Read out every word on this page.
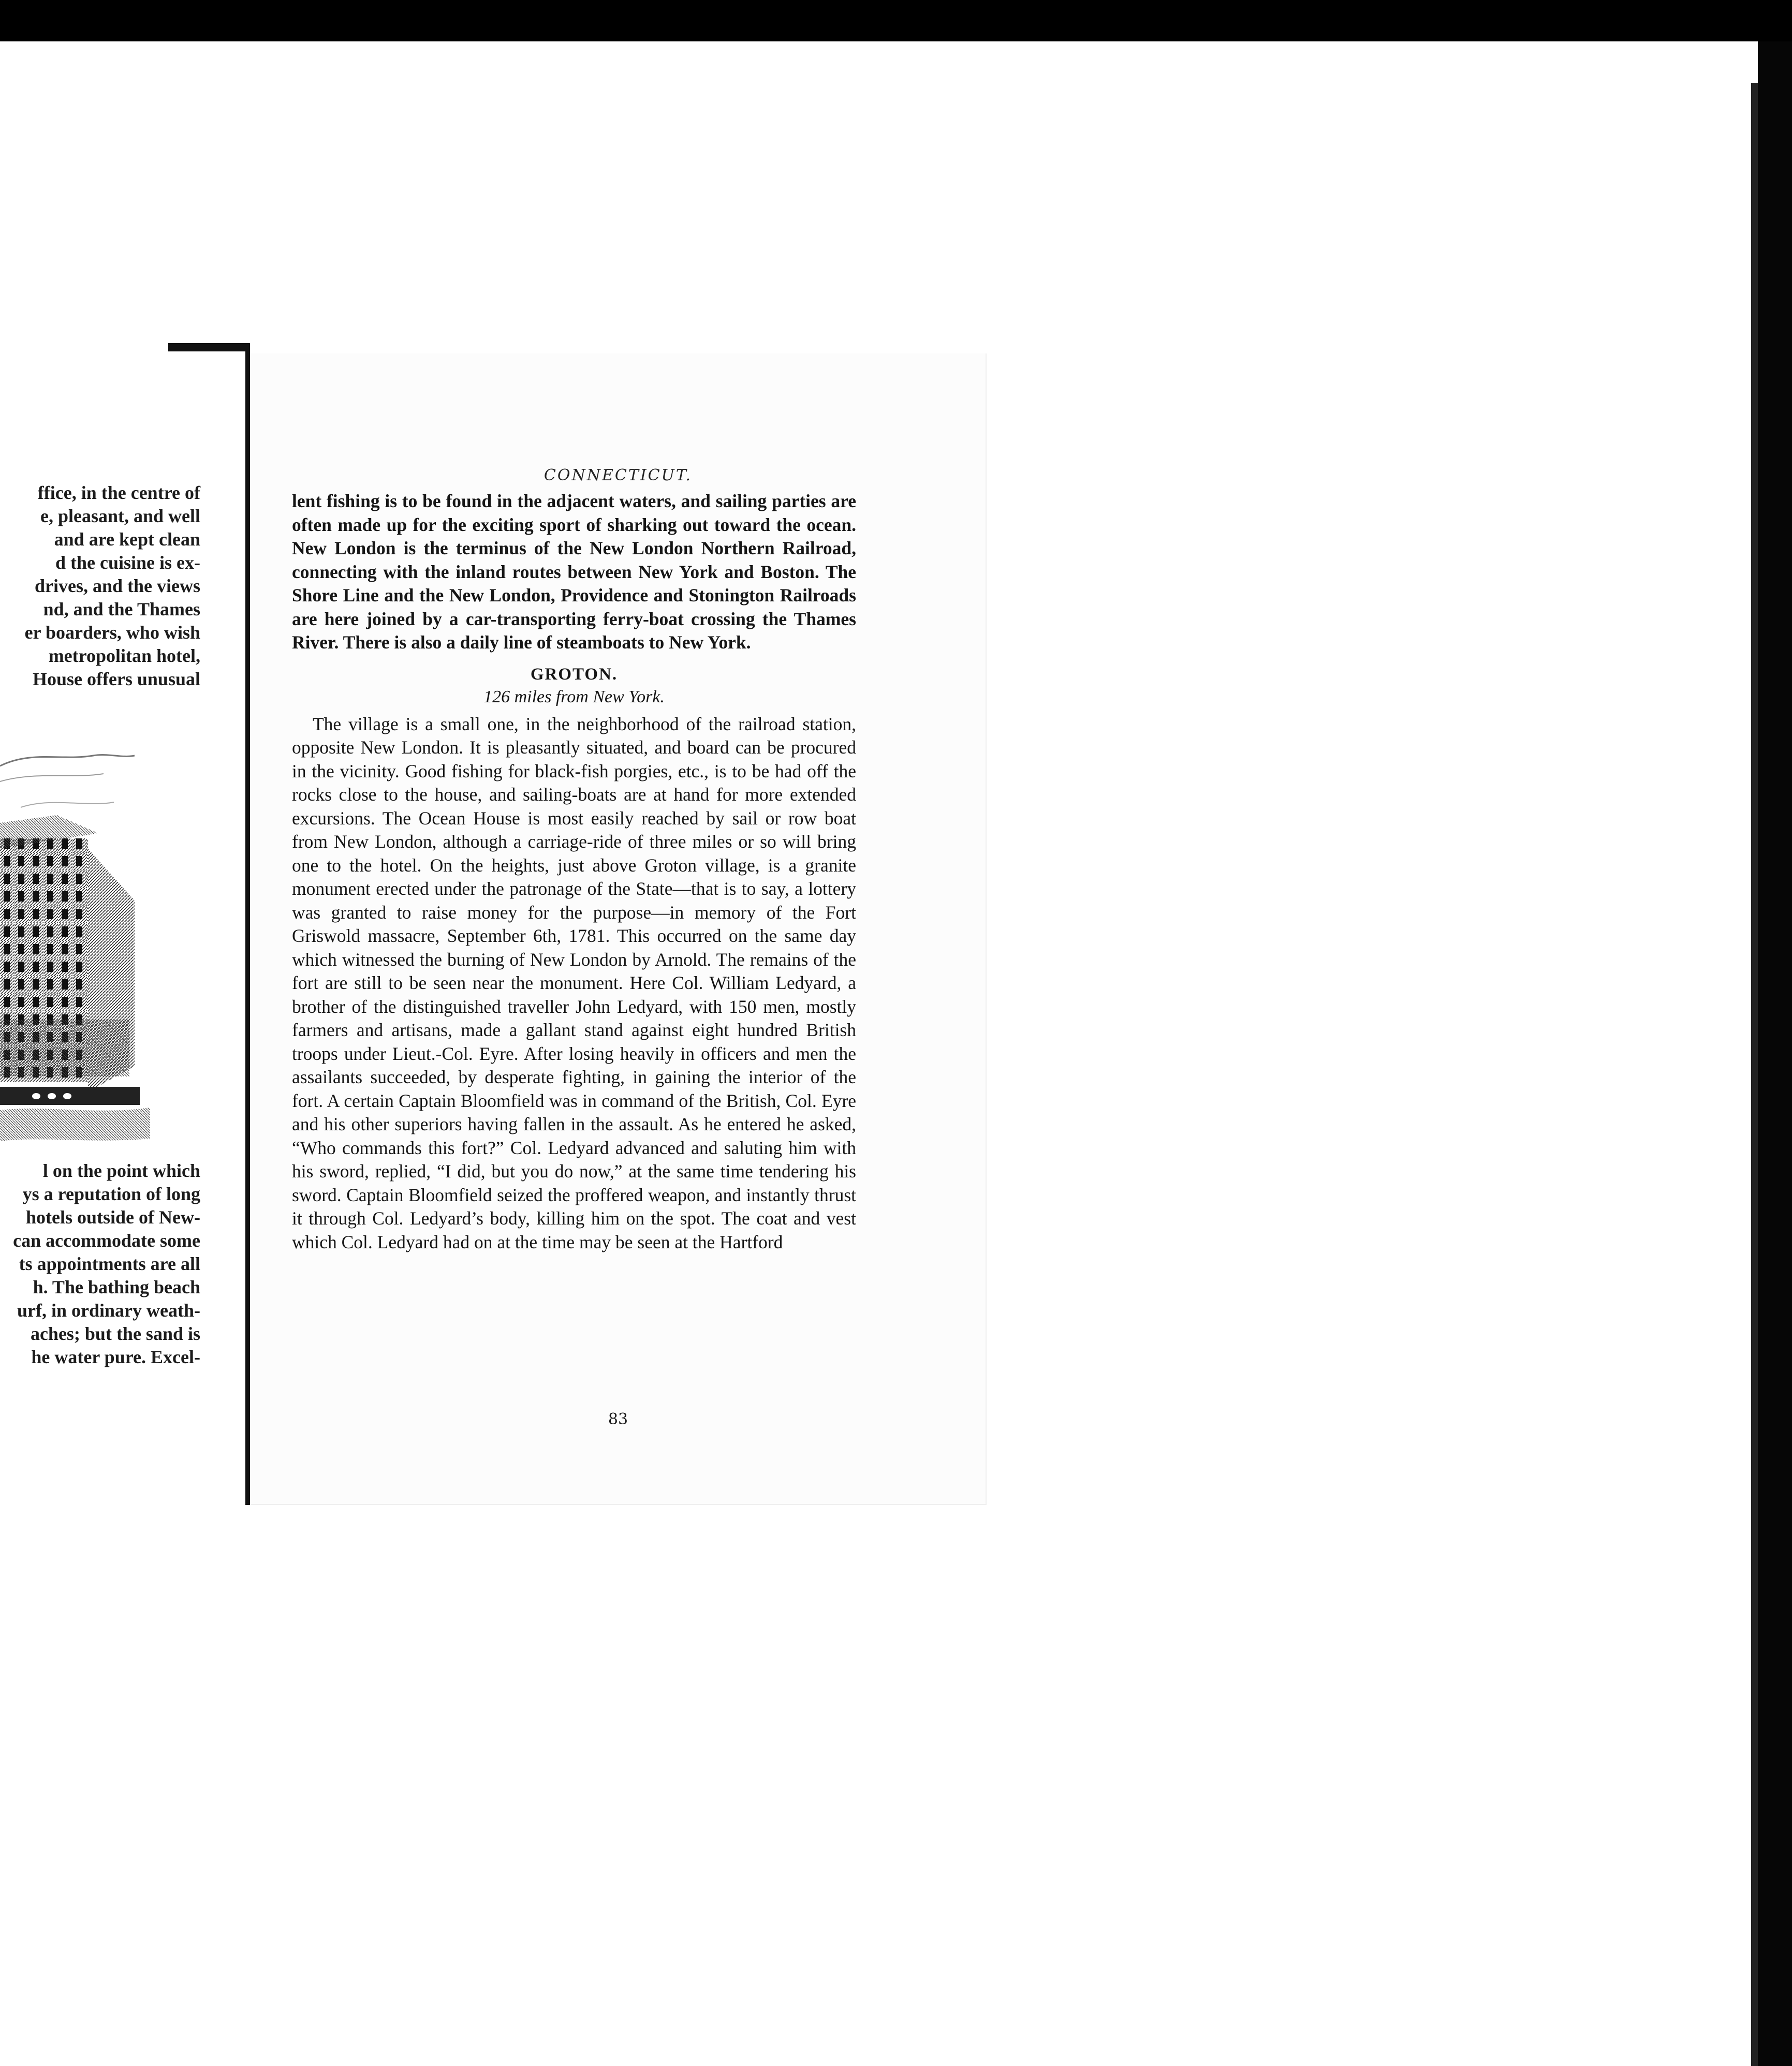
ffice, in the centre of
e, pleasant, and well
and are kept clean
d the cuisine is ex-
drives, and the views
nd, and the Thames
er boarders, who wish
metropolitan hotel,
House offers unusual
l on the point which
ys a reputation of long
hotels outside of New-
can accommodate some
ts appointments are all
h. The bathing beach
urf, in ordinary weath-
aches; but the sand is
he water pure. Excel-
CONNECTICUT.

lent fishing is to be found in the adjacent waters, and sailing parties are often made up for the exciting sport of sharking out toward the ocean. New London is the terminus of the New London Northern Railroad, connecting with the inland routes between New York and Boston. The Shore Line and the New London, Providence and Stonington Railroads are here joined by a car-transporting ferry-boat crossing the Thames River. There is also a daily line of steamboats to New York.

GROTON.

126 miles from New York.

The village is a small one, in the neighborhood of the railroad station, opposite New London. It is pleasantly situated, and board can be procured in the vicinity. Good fishing for black-fish porgies, etc., is to be had off the rocks close to the house, and sailing-boats are at hand for more extended excursions. The Ocean House is most easily reached by sail or row boat from New London, although a carriage-ride of three miles or so will bring one to the hotel. On the heights, just above Groton village, is a granite monument erected under the patronage of the State—that is to say, a lottery was granted to raise money for the purpose—in memory of the Fort Griswold massacre, September 6th, 1781. This occurred on the same day which witnessed the burning of New London by Arnold. The remains of the fort are still to be seen near the monument. Here Col. William Ledyard, a brother of the distinguished traveller John Ledyard, with 150 men, mostly farmers and artisans, made a gallant stand against eight hundred British troops under Lieut.-Col. Eyre. After losing heavily in officers and men the assailants succeeded, by desperate fighting, in gaining the interior of the fort. A certain Captain Bloomfield was in command of the British, Col. Eyre and his other superiors having fallen in the assault. As he entered he asked, “Who commands this fort?” Col. Ledyard advanced and saluting him with his sword, replied, “I did, but you do now,” at the same time tendering his sword. Captain Bloomfield seized the proffered weapon, and instantly thrust it through Col. Ledyard’s body, killing him on the spot. The coat and vest which Col. Ledyard had on at the time may be seen at the Hartford

83
